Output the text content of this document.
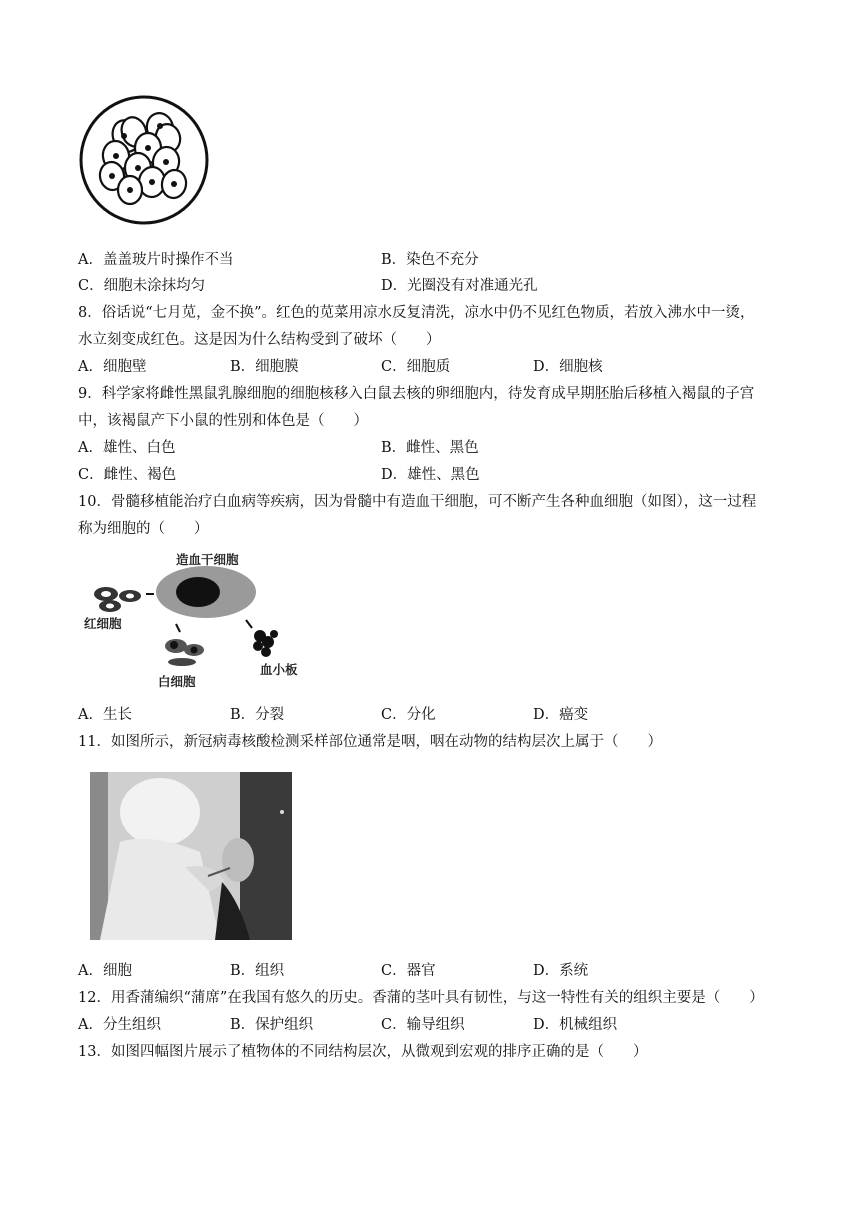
A．盖盖玻片时操作不当	B．染色不充分
C．细胞未涂抹均匀	D．光圈没有对准通光孔
8．俗话说“七月苋，金不换”。红色的苋菜用凉水反复清洗，凉水中仍不见红色物质，若放入沸水中一烫，
水立刻变成红色。这是因为什么结构受到了破坏（　　）
A．细胞壁	B．细胞膜	C．细胞质	D．细胞核
9．科学家将雌性黑鼠乳腺细胞的细胞核移入白鼠去核的卵细胞内，待发育成早期胚胎后移植入褐鼠的子宫
中，该褐鼠产下小鼠的性别和体色是（　　）
A．雄性、白色	B．雌性、黑色
C．雌性、褐色	D．雄性、黑色
10．骨髓移植能治疗白血病等疾病，因为骨髓中有造血干细胞，可不断产生各种血细胞（如图），这一过程
称为细胞的（　　）
造血干细胞
红细胞
白细胞
血小板
A．生长	B．分裂	C．分化	D．癌变
11．如图所示，新冠病毒核酸检测采样部位通常是咽，咽在动物的结构层次上属于（　　）
A．细胞	B．组织	C．器官	D．系统
12．用香蒲编织“蒲席”在我国有悠久的历史。香蒲的茎叶具有韧性，与这一特性有关的组织主要是（　　）
A．分生组织	B．保护组织	C．输导组织	D．机械组织
13．如图四幅图片展示了植物体的不同结构层次，从微观到宏观的排序正确的是（　　）
